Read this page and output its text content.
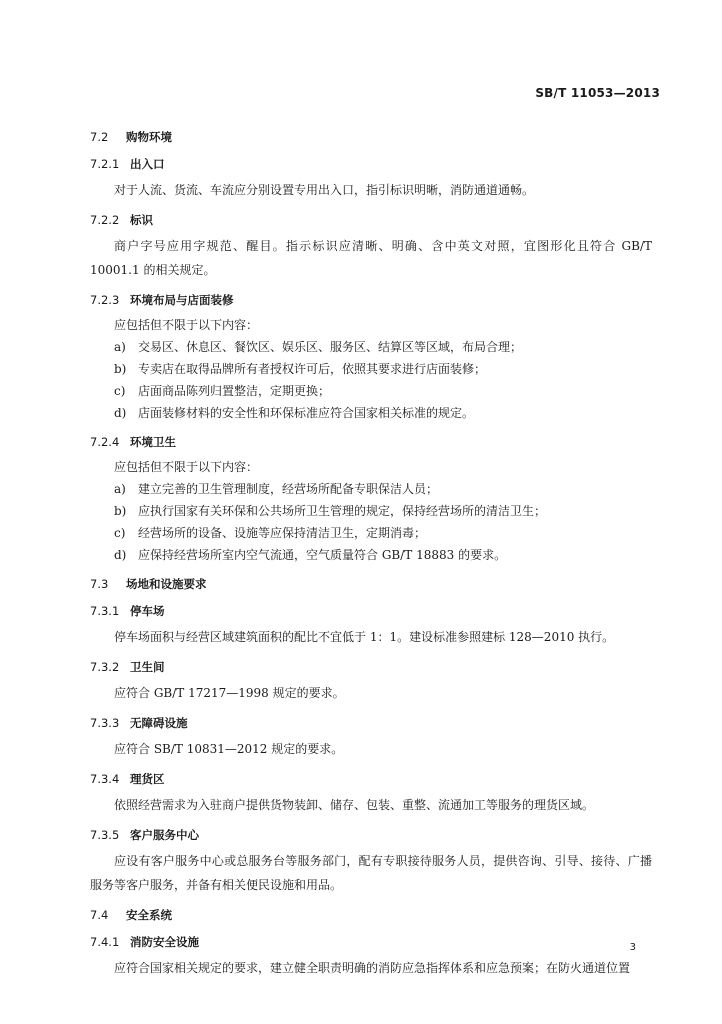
SB/T 11053—2013
7.2 购物环境
7.2.1 出入口

对于人流、货流、车流应分别设置专用出入口，指引标识明晰，消防通道通畅。

7.2.2 标识

商户字号应用字规范、醒目。指示标识应清晰、明确、含中英文对照，宜图形化且符合 GB/T 10001.1 的相关规定。

7.2.3 环境布局与店面装修

应包括但不限于以下内容：

a) 交易区、休息区、餐饮区、娱乐区、服务区、结算区等区域，布局合理；
b) 专卖店在取得品牌所有者授权许可后，依照其要求进行店面装修；
c) 店面商品陈列归置整洁，定期更换；
d) 店面装修材料的安全性和环保标准应符合国家相关标准的规定。
7.2.4 环境卫生

应包括但不限于以下内容：

a) 建立完善的卫生管理制度，经营场所配备专职保洁人员；
b) 应执行国家有关环保和公共场所卫生管理的规定，保持经营场所的清洁卫生；
c) 经营场所的设备、设施等应保持清洁卫生，定期消毒；
d) 应保持经营场所室内空气流通，空气质量符合 GB/T 18883 的要求。
7.3 场地和设施要求
7.3.1 停车场

停车场面积与经营区域建筑面积的配比不宜低于 1：1。建设标准参照建标 128—2010 执行。

7.3.2 卫生间

应符合 GB/T 17217—1998 规定的要求。

7.3.3 无障碍设施

应符合 SB/T 10831—2012 规定的要求。

7.3.4 理货区

依照经营需求为入驻商户提供货物装卸、储存、包装、重整、流通加工等服务的理货区域。

7.3.5 客户服务中心

应设有客户服务中心或总服务台等服务部门，配有专职接待服务人员，提供咨询、引导、接待、广播服务等客户服务，并备有相关便民设施和用品。

7.4 安全系统
7.4.1 消防安全设施

应符合国家相关规定的要求，建立健全职责明确的消防应急指挥体系和应急预案；在防火通道位置

3
